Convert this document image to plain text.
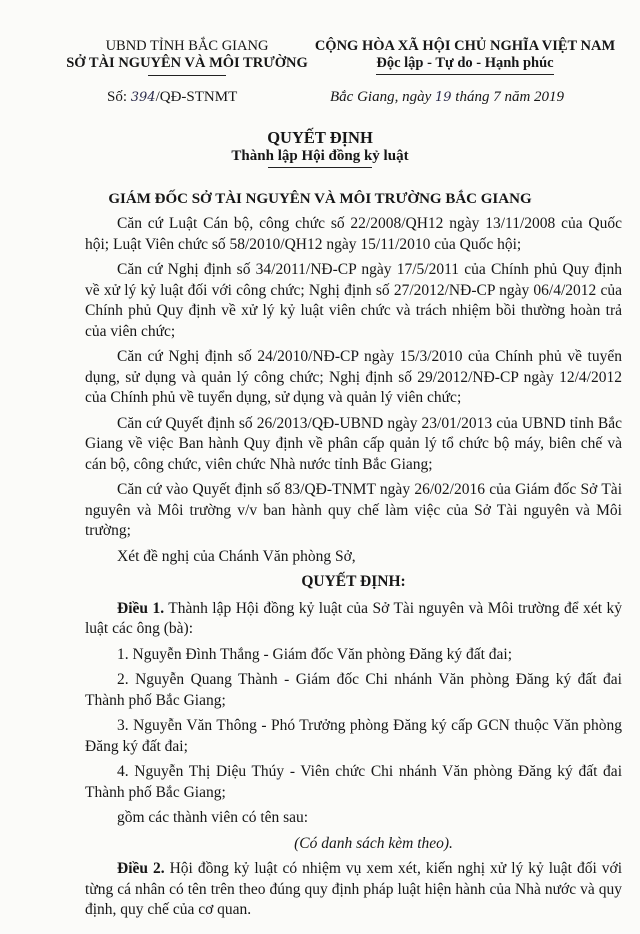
UBND TỈNH BẮC GIANG
SỞ TÀI NGUYÊN VÀ MÔI TRƯỜNG
CỘNG HÒA XÃ HỘI CHỦ NGHĨA VIỆT NAM
Độc lập - Tự do - Hạnh phúc
Số: 394 /QĐ-STNMT	Bắc Giang, ngày 19 tháng 7 năm 2019
QUYẾT ĐỊNH
Thành lập Hội đồng kỷ luật
GIÁM ĐỐC SỞ TÀI NGUYÊN VÀ MÔI TRƯỜNG BẮC GIANG

Căn cứ Luật Cán bộ, công chức số 22/2008/QH12 ngày 13/11/2008 của Quốc hội; Luật Viên chức số 58/2010/QH12 ngày 15/11/2010 của Quốc hội;

Căn cứ Nghị định số 34/2011/NĐ-CP ngày 17/5/2011 của Chính phủ Quy định về xử lý kỷ luật đối với công chức; Nghị định số 27/2012/NĐ-CP ngày 06/4/2012 của Chính phủ Quy định về xử lý kỷ luật viên chức và trách nhiệm bồi thường hoàn trả của viên chức;

Căn cứ Nghị định số 24/2010/NĐ-CP ngày 15/3/2010 của Chính phủ về tuyển dụng, sử dụng và quản lý công chức; Nghị định số 29/2012/NĐ-CP ngày 12/4/2012 của Chính phủ về tuyển dụng, sử dụng và quản lý viên chức;

Căn cứ Quyết định số 26/2013/QĐ-UBND ngày 23/01/2013 của UBND tỉnh Bắc Giang về việc Ban hành Quy định về phân cấp quản lý tổ chức bộ máy, biên chế và cán bộ, công chức, viên chức Nhà nước tỉnh Bắc Giang;

Căn cứ vào Quyết định số 83/QĐ-TNMT ngày 26/02/2016 của Giám đốc Sở Tài nguyên và Môi trường v/v ban hành quy chế làm việc của Sở Tài nguyên và Môi trường;

Xét đề nghị của Chánh Văn phòng Sở,

QUYẾT ĐỊNH:

Điều 1. Thành lập Hội đồng kỷ luật của Sở Tài nguyên và Môi trường để xét kỷ luật các ông (bà):

1. Nguyễn Đình Thắng - Giám đốc Văn phòng Đăng ký đất đai;

2. Nguyễn Quang Thành - Giám đốc Chi nhánh Văn phòng Đăng ký đất đai Thành phố Bắc Giang;

3. Nguyễn Văn Thông - Phó Trưởng phòng Đăng ký cấp GCN thuộc Văn phòng Đăng ký đất đai;

4. Nguyễn Thị Diệu Thúy - Viên chức Chi nhánh Văn phòng Đăng ký đất đai Thành phố Bắc Giang;

gồm các thành viên có tên sau:

(Có danh sách kèm theo).

Điều 2. Hội đồng kỷ luật có nhiệm vụ xem xét, kiến nghị xử lý kỷ luật đối với từng cá nhân có tên trên theo đúng quy định pháp luật hiện hành của Nhà nước và quy định, quy chế của cơ quan.
